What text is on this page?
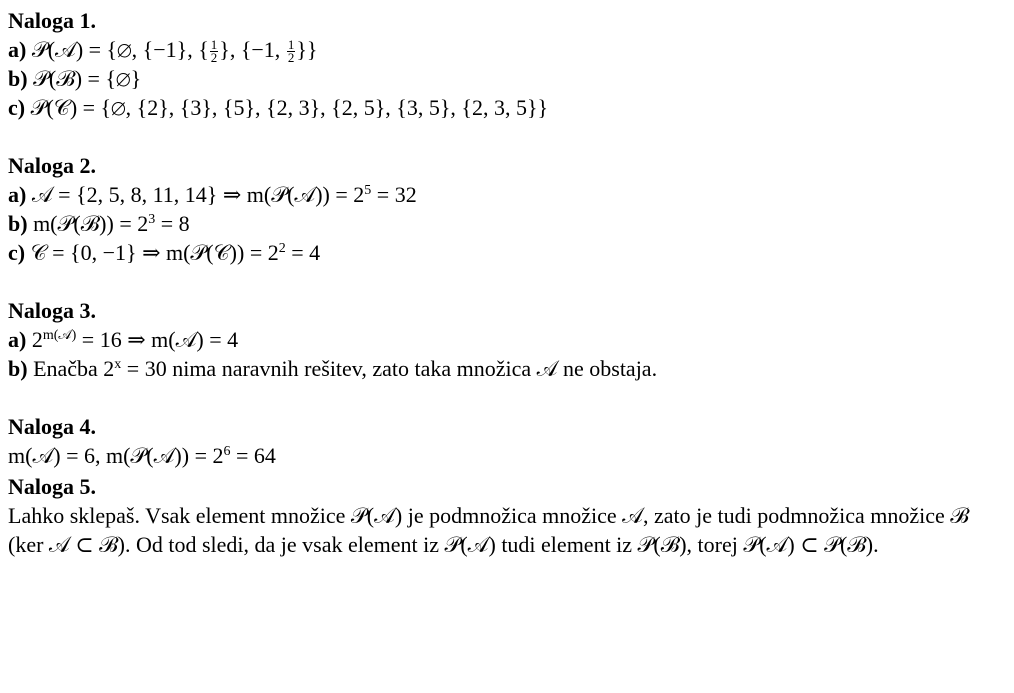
Naloga 1.
a) 𝒫(𝒜) = {∅, {−1}, { $\frac{1}{2}$ }, {−1, $\frac{1}{2}$ }}
b) 𝒫(ℬ) = {∅}
c) 𝒫(𝒞) = {∅, {2}, {3}, {5}, {2, 3}, {2, 5}, {3, 5}, {2, 3, 5}}
Naloga 2.
a) 𝒜 = {2, 5, 8, 11, 14} ⇒ m(𝒫(𝒜)) = $2^5 = 32$
b) m(𝒫(ℬ)) = $2^3 = 8$
c) 𝒞 = {0, −1} ⇒ m(𝒫(𝒞)) = $2^2 = 4$
Naloga 3.
a) $2^{m(𝒜)} = 16$ ⇒ m(𝒜) = 4
b) Enačba $2^x = 30$ nima naravnih rešitev, zato taka množica 𝒜 ne obstaja.
Naloga 4.
m(𝒜) = 6, m(𝒫(𝒜)) = $2^6 = 64$
Naloga 5.
Lahko sklepaš. Vsak element množice 𝒫(𝒜) je podmnožica množice 𝒜, zato je tudi podmnožica množice ℬ (ker 𝒜 ⊂ ℬ). Od tod sledi, da je vsak element iz 𝒫(𝒜) tudi element iz 𝒫(ℬ), torej 𝒫(𝒜) ⊂ 𝒫(ℬ).
